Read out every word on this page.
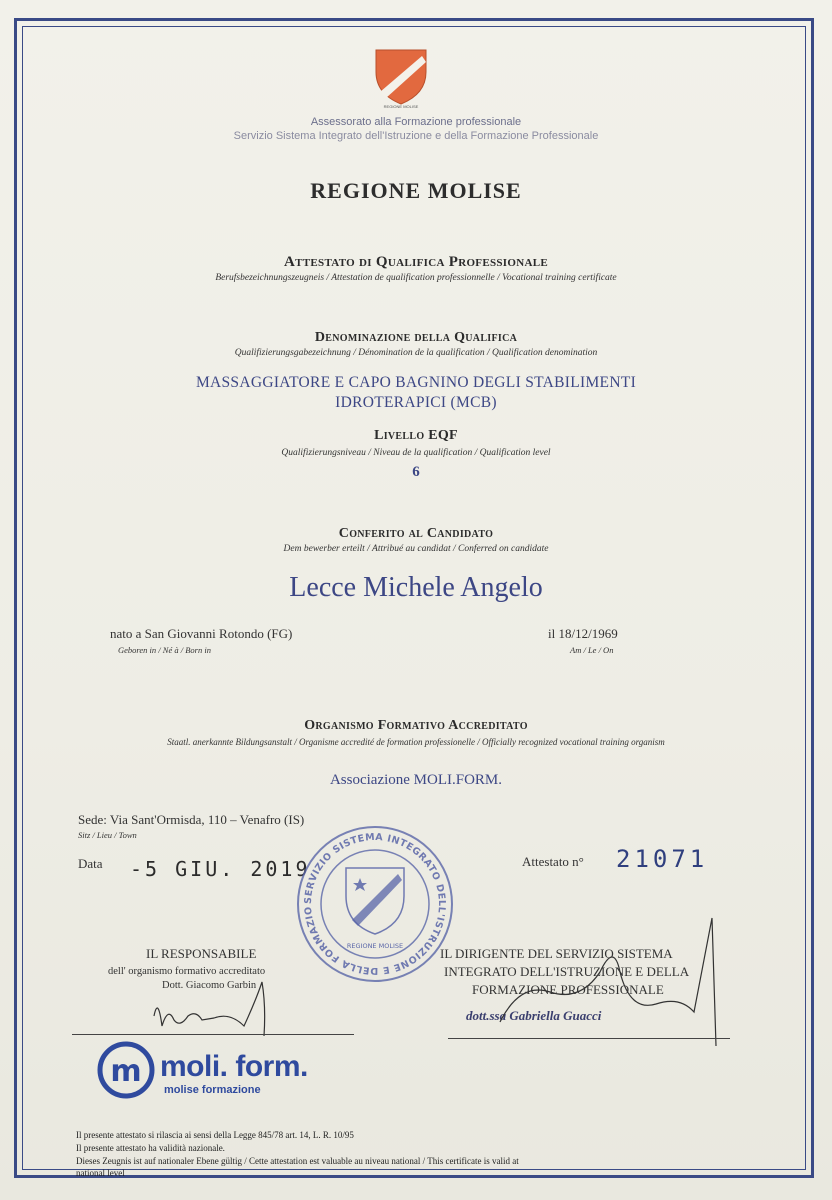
REGIONE MOLISE
Assessorato alla Formazione professionale
Servizio Sistema Integrato dell'Istruzione e della Formazione Professionale
REGIONE MOLISE
Attestato di Qualifica Professionale
Berufsbezeichnungszeugneis / Attestation de qualification professionnelle / Vocational training certificate
Denominazione della Qualifica
Qualifizierungsgabezeichnung / Dénomination de la qualification / Qualification denomination
MASSAGGIATORE E CAPO BAGNINO DEGLI STABILIMENTI
IDROTERAPICI (MCB)
Livello EQF
Qualifizierungsniveau / Niveau de la qualification / Qualification level
6
Conferito al Candidato
Dem bewerber erteilt / Attribué au candidat / Conferred on candidate
Lecce Michele Angelo
nato a San Giovanni Rotondo (FG)
Geboren in / Né à / Born in
il 18/12/1969
Am / Le / On
Organismo Formativo Accreditato
Staatl. anerkannte Bildungsanstalt / Organisme accredité de formation professionelle / Officially recognized vocational training organism
Associazione MOLI.FORM.
Sede: Via Sant'Ormisda, 110 – Venafro (IS)
Sitz / Lieu / Town
Data -5 GIU. 2019	Attestato n° 21071
SERVIZIO SISTEMA INTEGRATO DELL'ISTRUZIONE E DELLA FORMAZIO
REGIONE MOLISE
IL RESPONSABILE
dell' organismo formativo accreditato
Dott. Giacomo Garbin
IL DIRIGENTE DEL SERVIZIO SISTEMA
INTEGRATO DELL'ISTRUZIONE E DELLA
FORMAZIONE PROFESSIONALE
dott.ssa Gabriella Guacci
m moli. form.
molise formazione
Il presente attestato si rilascia ai sensi della Legge 845/78 art. 14, L. R. 10/95
Il presente attestato ha validità nazionale.
Dieses Zeugnis ist auf nationaler Ebene gültig / Cette attestation est valuable au niveau national / This certificate is valid at
national level
